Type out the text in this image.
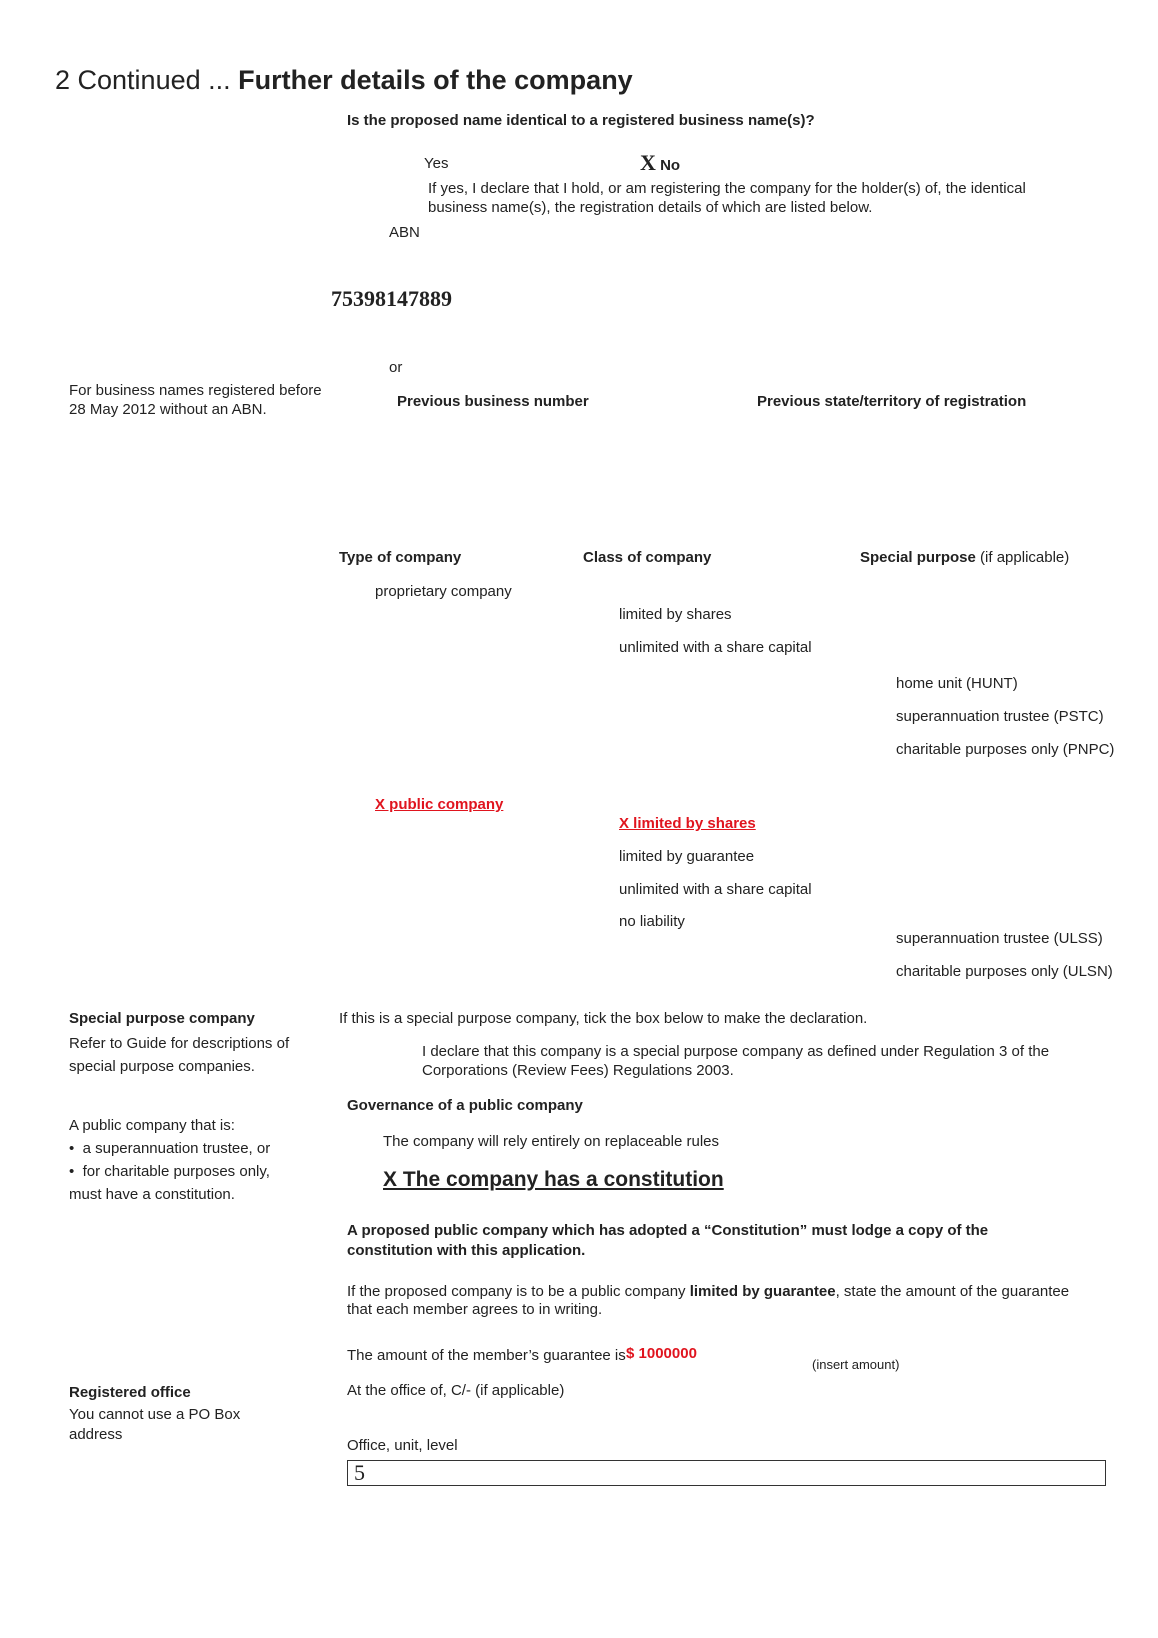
2 Continued ... Further details of the company
Is the proposed name identical to a registered business name(s)?
Yes	X No
If yes, I declare that I hold, or am registering the company for the holder(s) of, the identical business name(s), the registration details of which are listed below.
ABN
75398147889
or
For business names registered before 28 May 2012 without an ABN.	Previous business number	Previous state/territory of registration
Type of company	Class of company	Special purpose (if applicable)
proprietary company
limited by shares
unlimited with a share capital
home unit (HUNT)
superannuation trustee (PSTC)
charitable purposes only (PNPC)
X public company
X limited by shares
limited by guarantee
unlimited with a share capital
no liability
superannuation trustee (ULSS)
charitable purposes only (ULSN)
Special purpose company
Refer to Guide for descriptions of special purpose companies.
If this is a special purpose company, tick the box below to make the declaration.
I declare that this company is a special purpose company as defined under Regulation 3 of the Corporations (Review Fees) Regulations 2003.
Governance of a public company
A public company that is:
•  a superannuation trustee, or
•  for charitable purposes only,
must have a constitution.
The company will rely entirely on replaceable rules
X The company has a constitution
A proposed public company which has adopted a “Constitution” must lodge a copy of the constitution with this application.
If the proposed company is to be a public company limited by guarantee, state the amount of the guarantee that each member agrees to in writing.
The amount of the member’s guarantee is $ 1000000
(insert amount)
Registered office
You cannot use a PO Box address
At the office of, C/- (if applicable)
Office, unit, level
5
